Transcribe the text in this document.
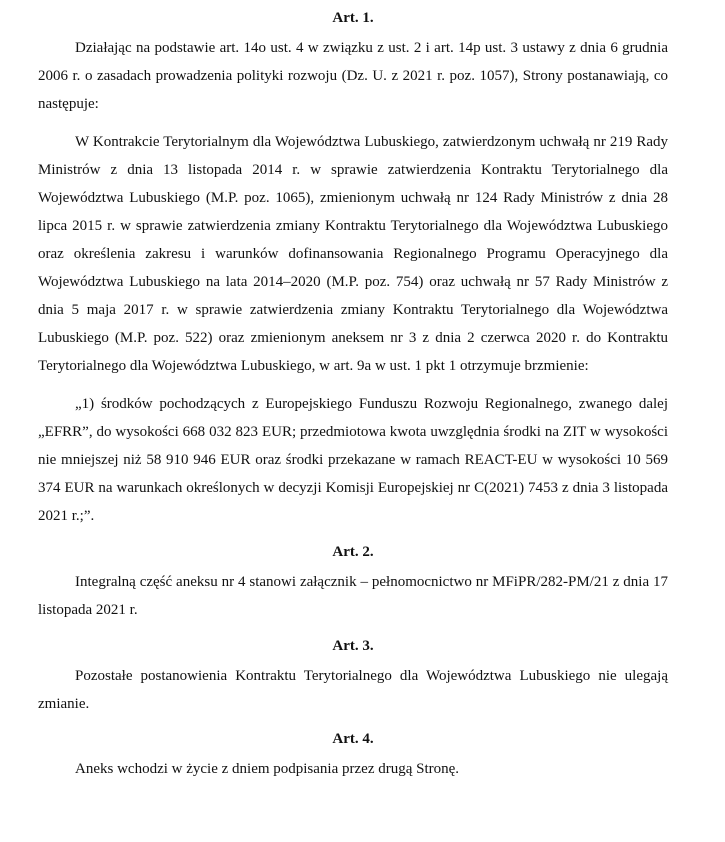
Art. 1.

Działając na podstawie art. 14o ust. 4 w związku z ust. 2 i art. 14p ust. 3 ustawy z dnia 6 grudnia 2006 r. o zasadach prowadzenia polityki rozwoju (Dz. U. z 2021 r. poz. 1057), Strony postanawiają, co następuje:

W Kontrakcie Terytorialnym dla Województwa Lubuskiego, zatwierdzonym uchwałą nr 219 Rady Ministrów z dnia 13 listopada 2014 r. w sprawie zatwierdzenia Kontraktu Terytorialnego dla Województwa Lubuskiego (M.P. poz. 1065), zmienionym uchwałą nr 124 Rady Ministrów z dnia 28 lipca 2015 r. w sprawie zatwierdzenia zmiany Kontraktu Terytorialnego dla Województwa Lubuskiego oraz określenia zakresu i warunków dofinansowania Regionalnego Programu Operacyjnego dla Województwa Lubuskiego na lata 2014–2020 (M.P. poz. 754) oraz uchwałą nr 57 Rady Ministrów z dnia 5 maja 2017 r. w sprawie zatwierdzenia zmiany Kontraktu Terytorialnego dla Województwa Lubuskiego (M.P. poz. 522) oraz zmienionym aneksem nr 3 z dnia 2 czerwca 2020 r. do Kontraktu Terytorialnego dla Województwa Lubuskiego, w art. 9a w ust. 1 pkt 1 otrzymuje brzmienie:

„1) środków pochodzących z Europejskiego Funduszu Rozwoju Regionalnego, zwanego dalej „EFRR”, do wysokości 668 032 823 EUR; przedmiotowa kwota uwzględnia środki na ZIT w wysokości nie mniejszej niż 58 910 946 EUR oraz środki przekazane w ramach REACT-EU w wysokości 10 569 374 EUR na warunkach określonych w decyzji Komisji Europejskiej nr C(2021) 7453 z dnia 3 listopada 2021 r.;”.

Art. 2.

Integralną część aneksu nr 4 stanowi załącznik – pełnomocnictwo nr MFiPR/282-PM/21 z dnia 17 listopada 2021 r.

Art. 3.

Pozostałe postanowienia Kontraktu Terytorialnego dla Województwa Lubuskiego nie ulegają zmianie.

Art. 4.

Aneks wchodzi w życie z dniem podpisania przez drugą Stronę.
